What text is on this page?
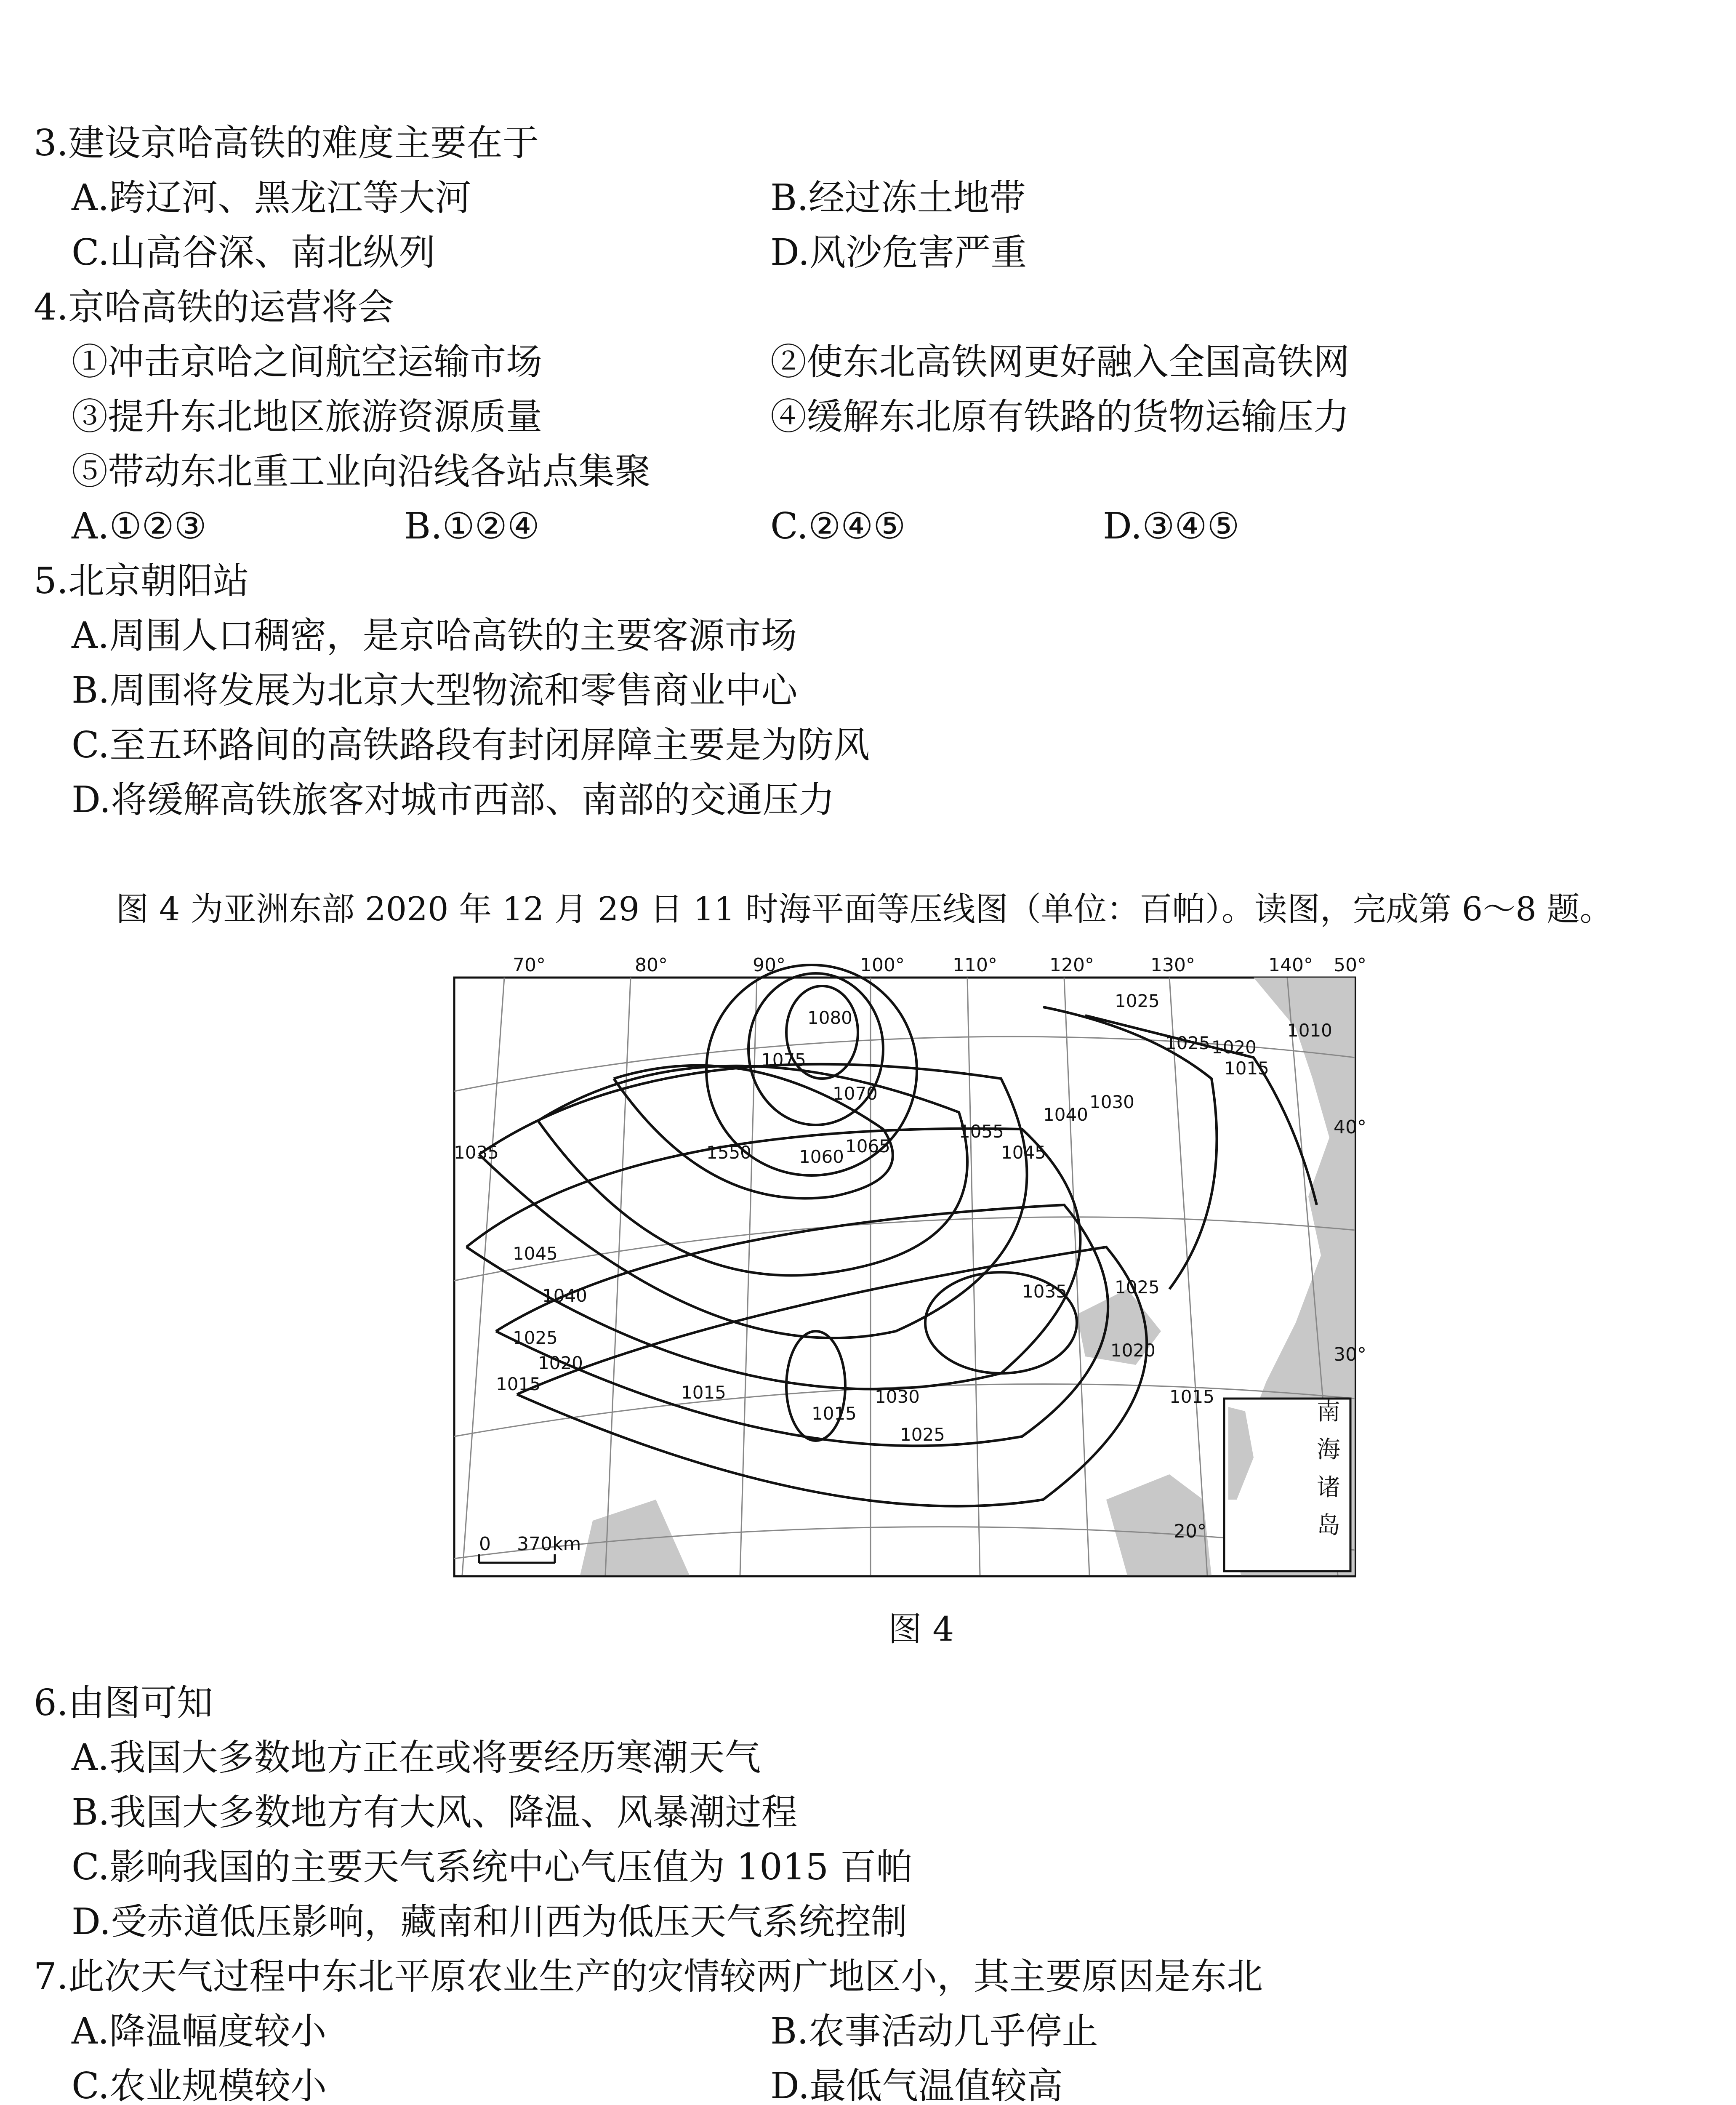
3.建设京哈高铁的难度主要在于
A.跨辽河、黑龙江等大河	B.经过冻土地带
C.山高谷深、南北纵列	D.风沙危害严重
4.京哈高铁的运营将会
①冲击京哈之间航空运输市场	②使东北高铁网更好融入全国高铁网
③提升东北地区旅游资源质量	④缓解东北原有铁路的货物运输压力
⑤带动东北重工业向沿线各站点集聚
A.①②③	B.①②④	C.②④⑤	D.③④⑤
5.北京朝阳站
A.周围人口稠密，是京哈高铁的主要客源市场
B.周围将发展为北京大型物流和零售商业中心
C.至五环路间的高铁路段有封闭屏障主要是为防风
D.将缓解高铁旅客对城市西部、南部的交通压力
图 4 为亚洲东部 2020 年 12 月 29 日 11 时海平面等压线图（单位：百帕）。读图，完成第 6～8 题。
70°	80°	90°	100°	110°	120°	130°	140° 50°
40°
30°
20°
1080
1075
1070
1065
1060
1550
1055
1045
1040
1030
1025
1025 1020
1015
1010
1035
1045
1040	1035	1025
1020
1015
1025
1020
1015	1015
1015
1030
1025
南
海
诸
岛
0 370km
图 4
6.由图可知
A.我国大多数地方正在或将要经历寒潮天气
B.我国大多数地方有大风、降温、风暴潮过程
C.影响我国的主要天气系统中心气压值为 1015 百帕
D.受赤道低压影响，藏南和川西为低压天气系统控制
7.此次天气过程中东北平原农业生产的灾情较两广地区小，其主要原因是东北
A.降温幅度较小	B.农事活动几乎停止
C.农业规模较小	D.最低气温值较高
